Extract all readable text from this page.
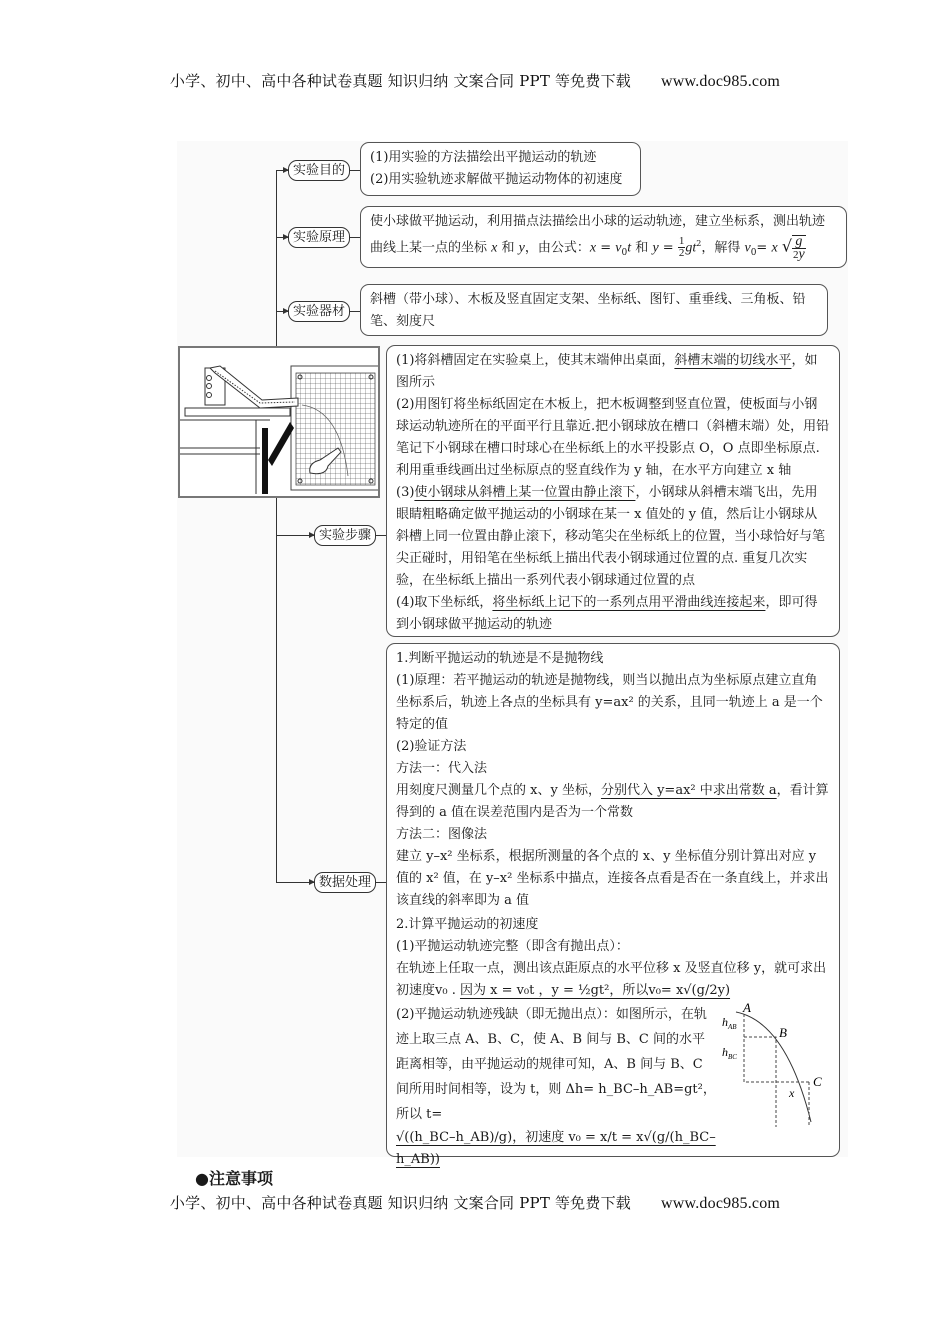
小学、初中、高中各种试卷真题 知识归纳 文案合同 PPT 等免费下载 www.doc985.com
实验目的
实验原理
实验器材
实验步骤
数据处理

(1)用实验的方法描绘出平抛运动的轨迹

(2)用实验轨迹求解做平抛运动物体的初速度

使小球做平抛运动，利用描点法描绘出小球的运动轨迹，建立坐标系，测出轨迹

曲线上某一点的坐标 x 和 y，由公式：$x = v_0t$ 和 $y = \frac{1}{2} gt^2$，解得 $v_0= x$ √ $\frac{g}{2y}$

斜槽（带小球）、木板及竖直固定支架、坐标纸、图钉、重垂线、三角板、铅笔、刻度尺

(1)将斜槽固定在实验桌上，使其末端伸出桌面，斜槽末端的切线水平，如图所示

(2)用图钉将坐标纸固定在木板上，把木板调整到竖直位置，使板面与小钢球运动轨迹所在的平面平行且靠近.把小钢球放在槽口（斜槽末端）处，用铅笔记下小钢球在槽口时球心在坐标纸上的水平投影点 O，O 点即坐标原点. 利用重垂线画出过坐标原点的竖直线作为 y 轴，在水平方向建立 x 轴

(3)使小钢球从斜槽上某一位置由静止滚下，小钢球从斜槽末端飞出，先用眼睛粗略确定做平抛运动的小钢球在某一 x 值处的 y 值，然后让小钢球从斜槽上同一位置由静止滚下，移动笔尖在坐标纸上的位置，当小球恰好与笔尖正碰时，用铅笔在坐标纸上描出代表小钢球通过位置的点. 重复几次实验，在坐标纸上描出一系列代表小钢球通过位置的点

(4)取下坐标纸，将坐标纸上记下的一系列点用平滑曲线连接起来，即可得到小钢球做平抛运动的轨迹

1.判断平抛运动的轨迹是不是抛物线

(1)原理：若平抛运动的轨迹是抛物线，则当以抛出点为坐标原点建立直角坐标系后，轨迹上各点的坐标具有 y=ax² 的关系，且同一轨迹上 a 是一个特定的值

(2)验证方法

方法一：代入法

用刻度尺测量几个点的 x、y 坐标，分别代入 y=ax² 中求出常数 a，看计算得到的 a 值在误差范围内是否为一个常数

方法二：图像法

建立 y–x² 坐标系，根据所测量的各个点的 x、y 坐标值分别计算出对应 y 值的 x² 值，在 y–x² 坐标系中描点，连接各点看是否在一条直线上，并求出该直线的斜率即为 a 值

2.计算平抛运动的初速度

(1)平抛运动轨迹完整（即含有抛出点）：

在轨迹上任取一点，测出该点距原点的水平位移 x 及竖直位移 y，就可求出初速度v₀ . 因为 x = v₀t ，y = ½gt²，所以v₀= x√(g/2y)

(2)平抛运动轨迹残缺（即无抛出点）：如图所示，在轨迹上取三点 A、B、C，使 A、B 间与 B、C 间的水平距离相等，由平抛运动的规律可知，A、B 间与 B、C 间所用时间相等，设为 t，则 Δh= h_BC–h_AB=gt²，所以 t=

√((h_BC–h_AB)/g)，初速度 v₀ = x/t = x√(g/(h_BC–h_AB))

A
B
C
$h_{AB}$
$h_{BC}$
x
●注意事项
小学、初中、高中各种试卷真题 知识归纳 文案合同 PPT 等免费下载 www.doc985.com
